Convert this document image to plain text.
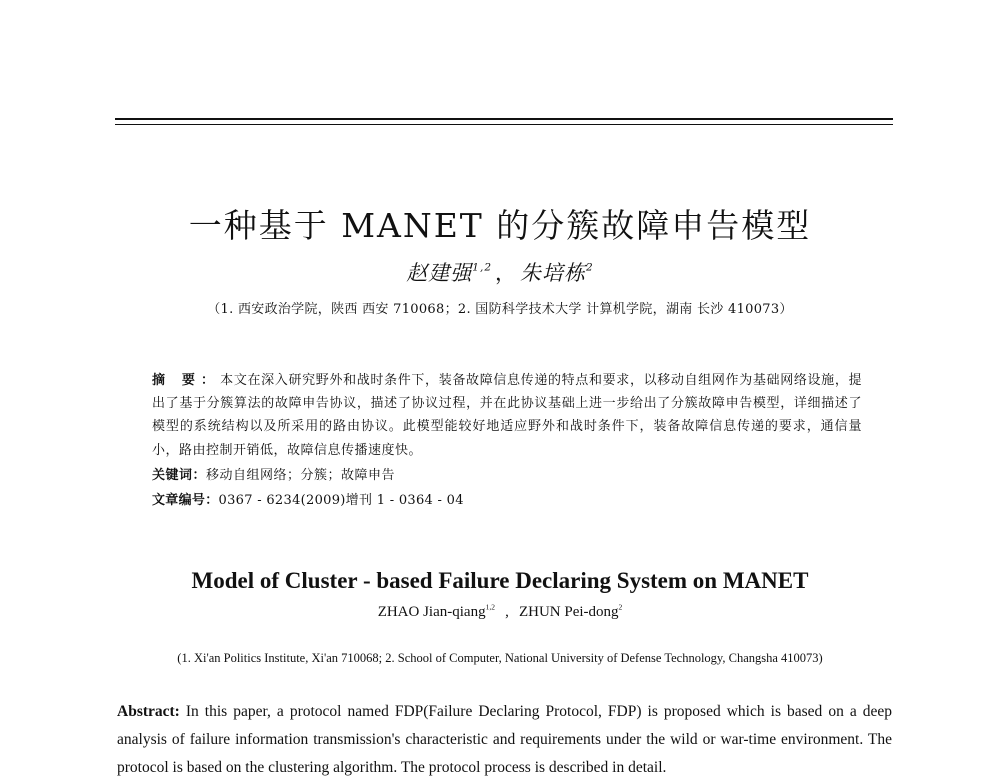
一种基于 MANET 的分簇故障申告模型
赵建强$^{1,2}$ ， 朱培栋$^2$
（1. 西安政治学院，陕西 西安 710068；2. 国防科学技术大学 计算机学院，湖南 长沙 410073）

摘 要：本文在深入研究野外和战时条件下，装备故障信息传递的特点和要求，以移动自组网作为基础网络设施，提出了基于分簇算法的故障申告协议，描述了协议过程，并在此协议基础上进一步给出了分簇故障申告模型，详细描述了模型的系统结构以及所采用的路由协议。此模型能较好地适应野外和战时条件下，装备故障信息传递的要求，通信量小，路由控制开销低，故障信息传播速度快。

关键词：移动自组网络；分簇；故障申告
文章编号：0367 - 6234(2009)增刊 1 - 0364 - 04
Model of Cluster - based Failure Declaring System on MANET
ZHAO Jian-qiang$^{1,2}$ , ZHUN Pei-dong$^2$
(1. Xi'an Politics Institute, Xi'an 710068; 2. School of Computer, National University of Defense Technology, Changsha 410073)

Abstract: In this paper, a protocol named FDP(Failure Declaring Protocol, FDP) is proposed which is based on a deep analysis of failure information transmission's characteristic and requirements under the wild or war-time environment. The protocol is based on the clustering algorithm. The protocol process is described in detail.
